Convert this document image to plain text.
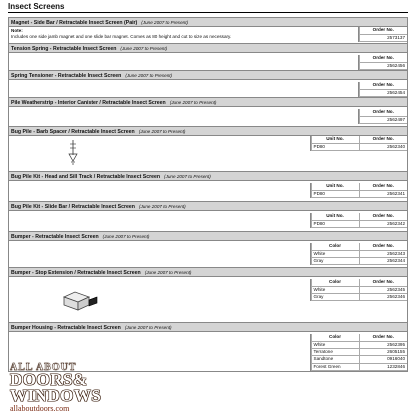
Insect Screens
Magnet - Side Bar / Retractable Insect Screen (Pair) (June 2007 to Present)
Note:
Includes one side jamb magnet and one slide bar magnet. Comes as 80 height and cut to size as necessary.
Order No.
2573137
Tension Spring - Retractable Insect Screen (June 2007 to Present)
Order No.
2562456
Spring Tensioner - Retractable Insect Screen (June 2007 to Present)
Order No.
2562454
Pile Weatherstrip - Interior Canister / Retractable Insect Screen (June 2007 to Present)
Order No.
2562497
Bug Pile - Barb Spacer / Retractable Insect Screen (June 2007 to Present)
Unit No.	Order No.
PD80	2562340
Bug Pile Kit - Head and Sill Track / Retractable Insect Screen (June 2007 to Present)
Unit No.	Order No.
PD80	2562341
Bug Pile Kit - Slide Bar / Retractable Insect Screen (June 2007 to Present)
Unit No.	Order No.
PD80	2562342
Bumper - Retractable Insect Screen (June 2007 to Present)
Color	Order No.
White	2562343
Gray	2562344
Bumper - Stop Extension / Retractable Insect Screen (June 2007 to Present)
Color	Order No.
White	2562345
Gray	2562346
Bumper Housing - Retractable Insect Screen (June 2007 to Present)
Color	Order No.
White	2562395
Terratone	2605155
Sandtone	0916040
Forest Green	1232846
ALL ABOUT
DOORS&
WINDOWS
allaboutdoors.com
